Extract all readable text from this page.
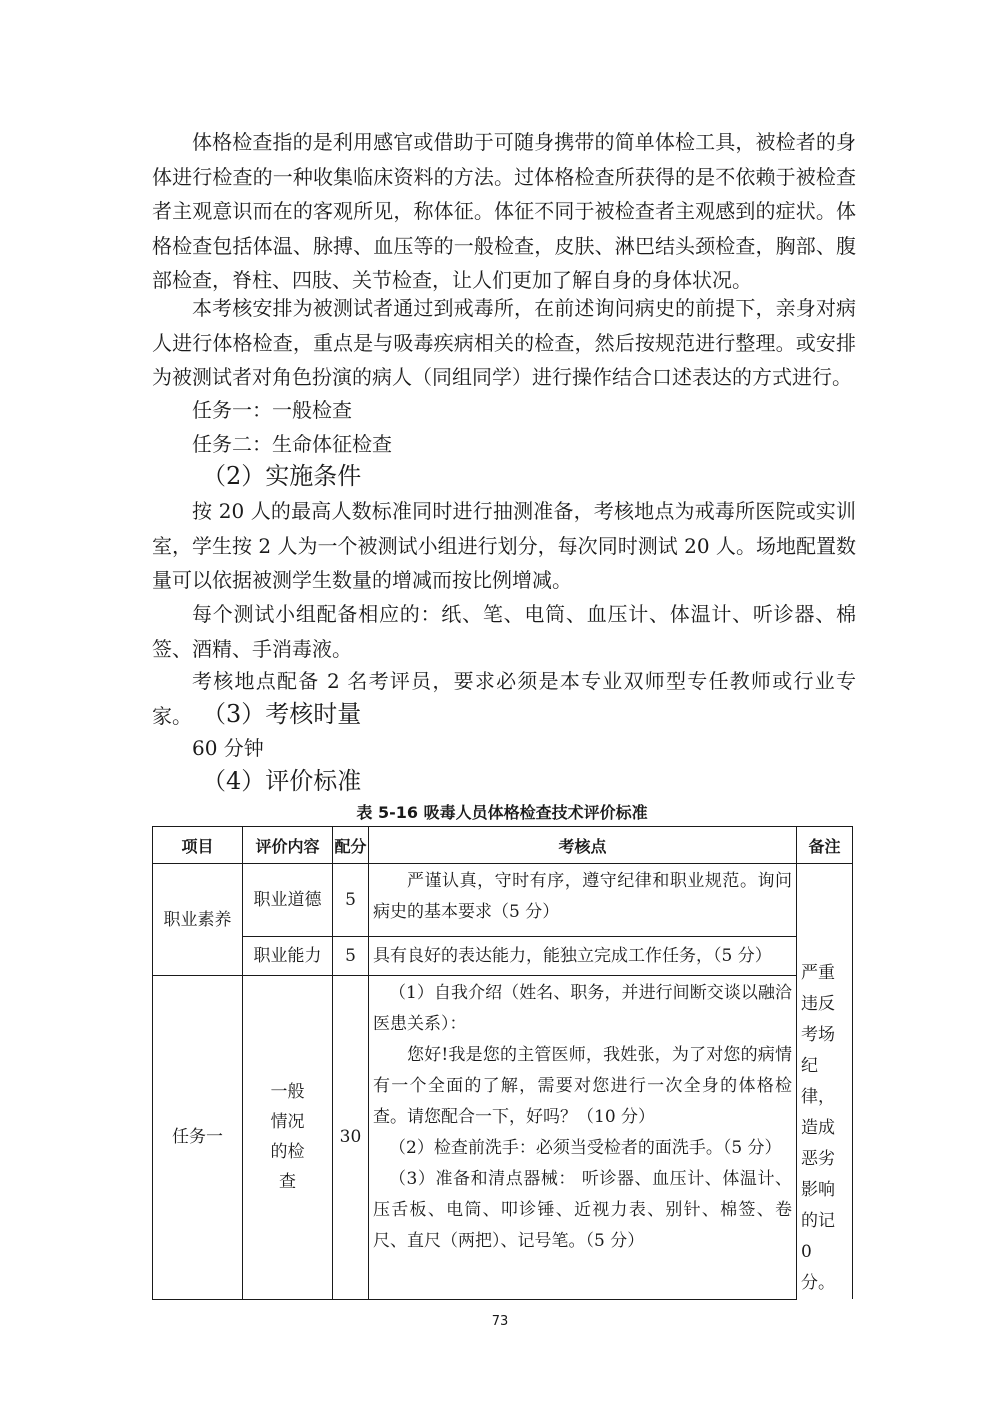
体格检查指的是利用感官或借助于可随身携带的简单体检工具，被检者的身体进行检查的一种收集临床资料的方法。过体格检查所获得的是不依赖于被检查者主观意识而在的客观所见，称体征。体征不同于被检查者主观感到的症状。体格检查包括体温、脉搏、血压等的一般检查，皮肤、淋巴结头颈检查，胸部、腹部检查，脊柱、四肢、关节检查，让人们更加了解自身的身体状况。

本考核安排为被测试者通过到戒毒所，在前述询问病史的前提下，亲身对病人进行体格检查，重点是与吸毒疾病相关的检查，然后按规范进行整理。或安排为被测试者对角色扮演的病人（同组同学）进行操作结合口述表达的方式进行。

任务一：一般检查

任务二：生命体征检查

（2）实施条件

按 20 人的最高人数标准同时进行抽测准备，考核地点为戒毒所医院或实训室，学生按 2 人为一个被测试小组进行划分，每次同时测试 20 人。场地配置数量可以依据被测学生数量的增减而按比例增减。

每个测试小组配备相应的：纸、笔、电筒、血压计、体温计、听诊器、棉签、酒精、手消毒液。

考核地点配备 2 名考评员，要求必须是本专业双师型专任教师或行业专家。 （3）考核时量

60 分钟

（4）评价标准

表 5-16 吸毒人员体格检查技术评价标准

项目	评价内容	配分	考核点	备注
职业素养	职业道德	5	严谨认真，守时有序，遵守纪律和职业规范。询问病史的基本要求（5 分）	严重违反考场纪律，造成恶劣影响的记 0 分。
	职业能力	5	具有良好的表达能力，能独立完成工作任务，（5 分）	
任务一	一般情况的检查	30	（1）自我介绍（姓名、职务，并进行间断交谈以融洽医患关系）：
您好!我是您的主管医师，我姓张，为了对您的病情有一个全面的了解，需要对您进行一次全身的体格检查。请您配合一下，好吗？（10 分）
（2）检查前洗手：必须当受检者的面洗手。（5 分）
（3）准备和清点器械： 听诊器、血压计、体温计、压舌板、电筒、叩诊锤、近视力表、别针、棉签、卷尺、直尺（两把）、记号笔。（5 分）	
73
